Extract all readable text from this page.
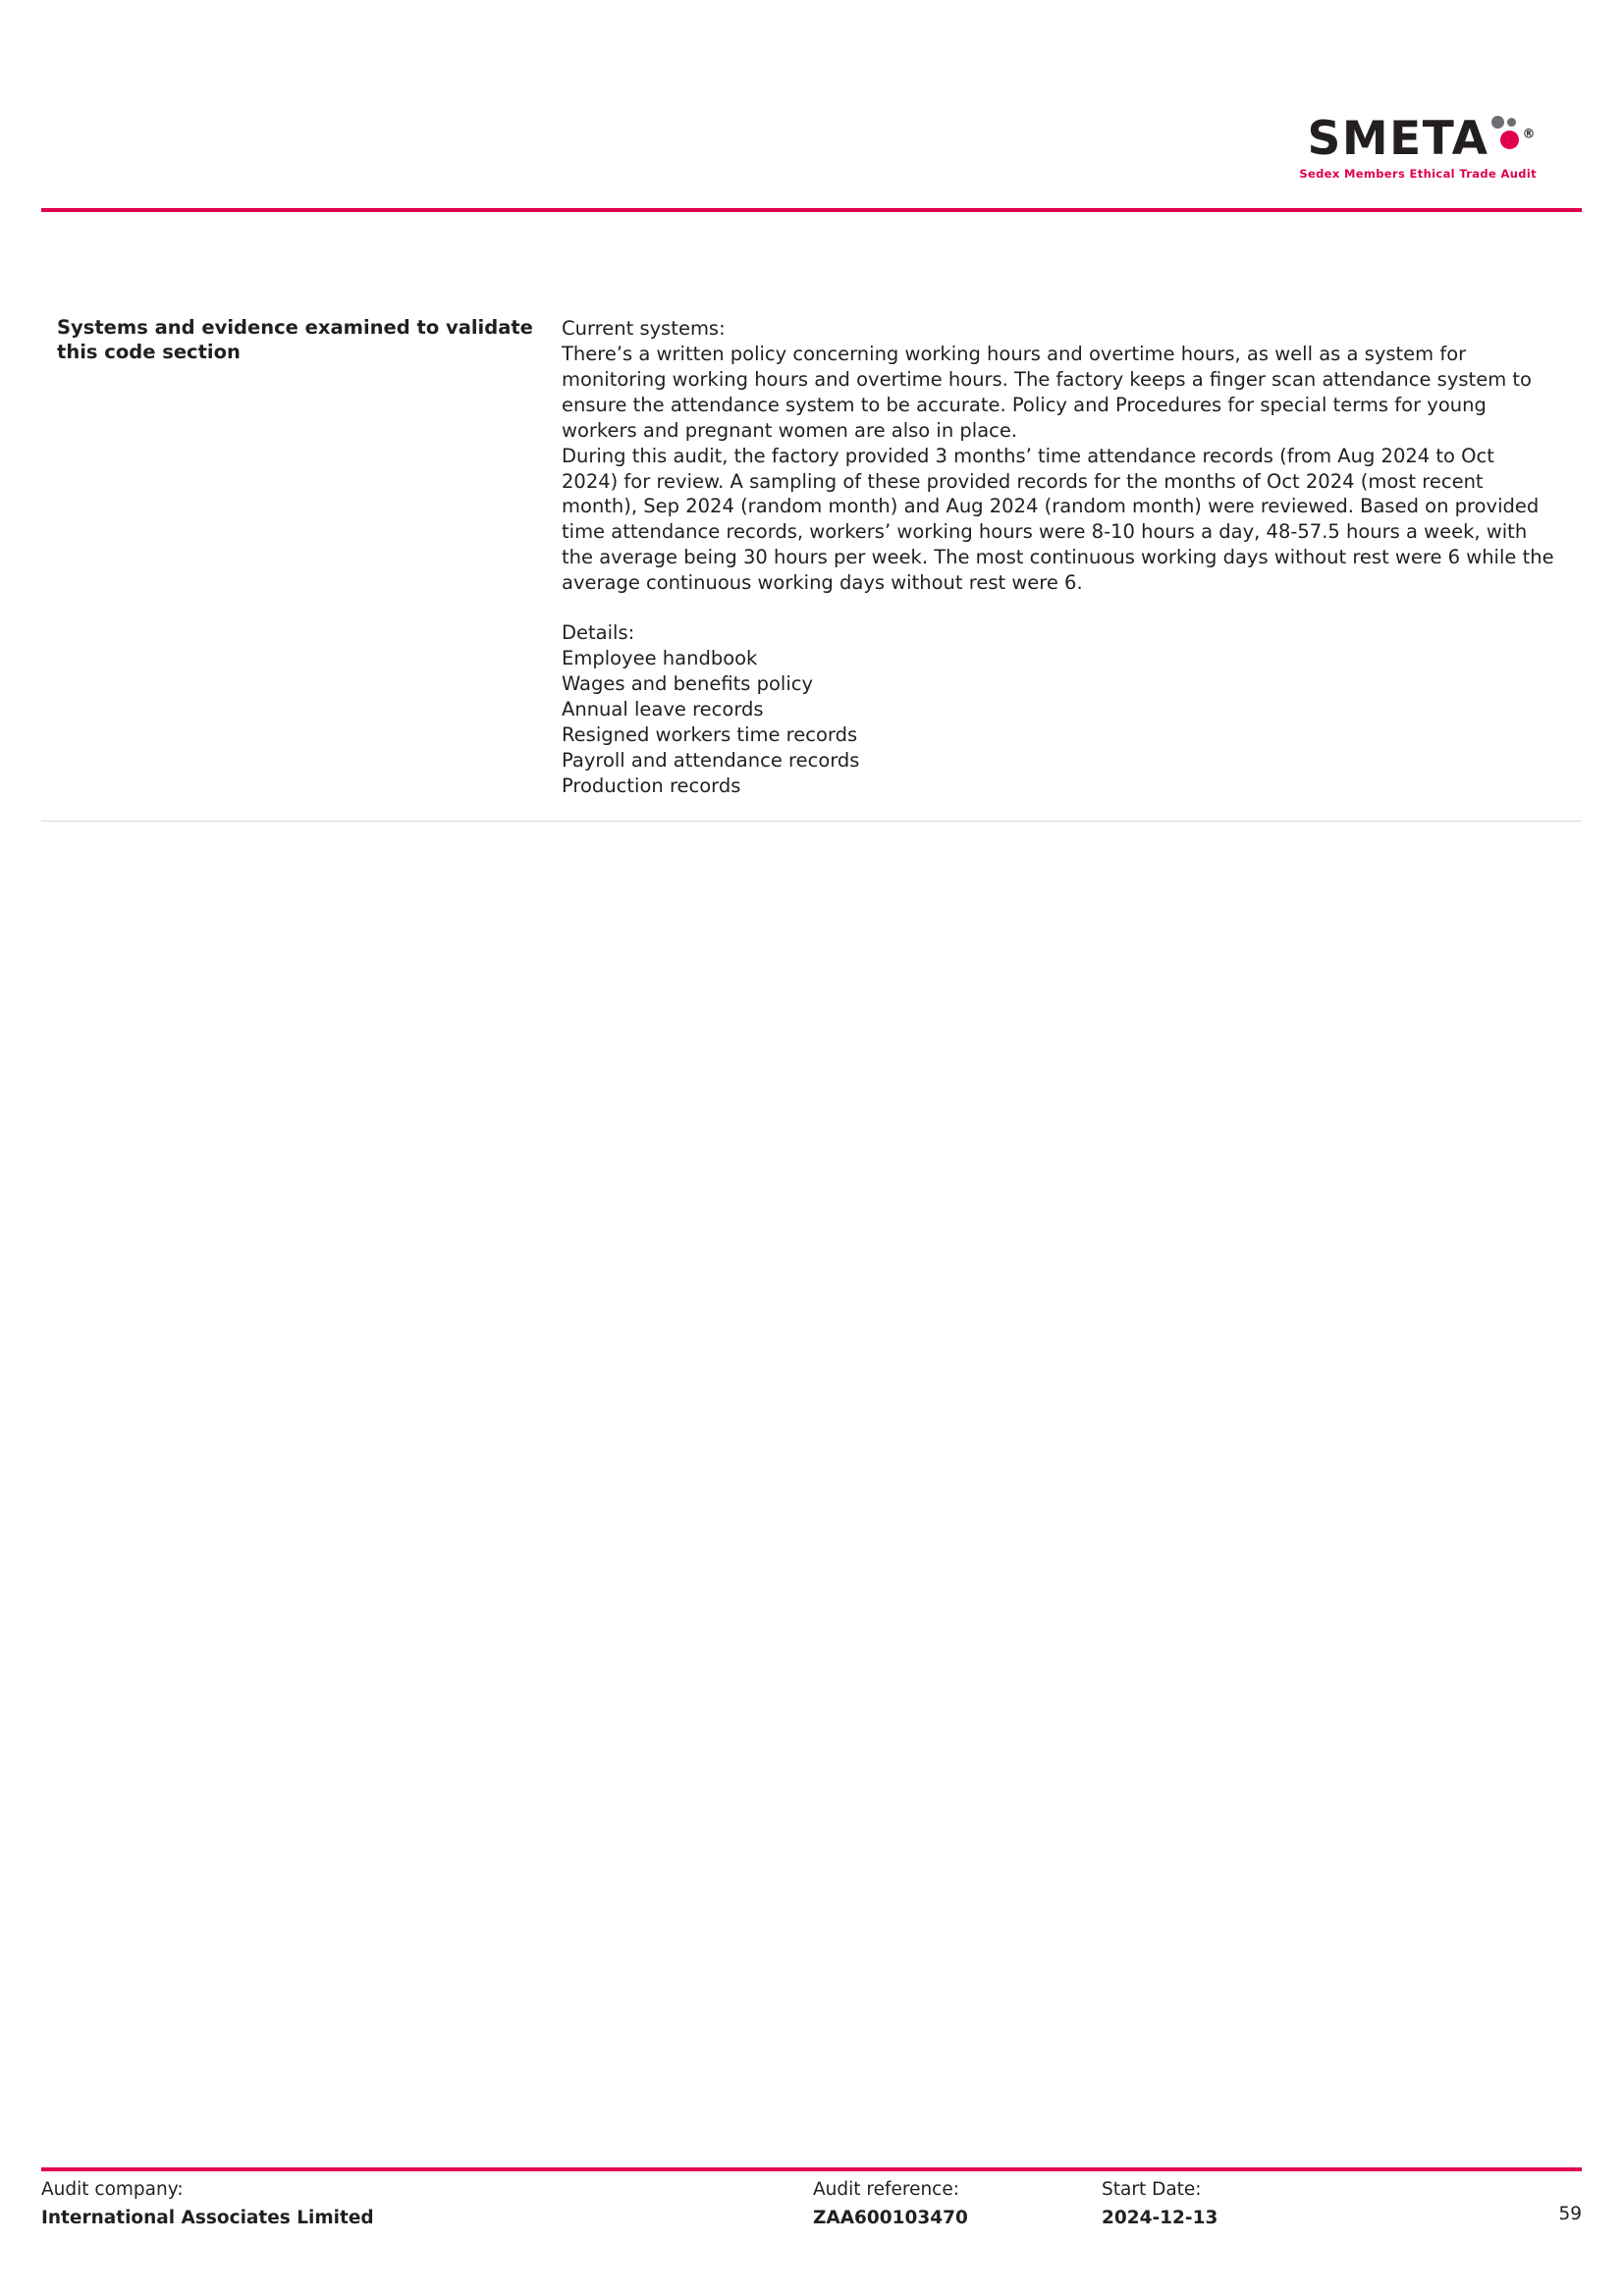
SMETA	®
Sedex Members Ethical Trade Audit
Systems and evidence examined to validate this code section

Current systems:

There’s a written policy concerning working hours and overtime hours, as well as a system for monitoring working hours and overtime hours. The factory keeps a finger scan attendance system to ensure the attendance system to be accurate. Policy and Procedures for special terms for young workers and pregnant women are also in place.

During this audit, the factory provided 3 months’ time attendance records (from Aug 2024 to Oct 2024) for review. A sampling of these provided records for the months of Oct 2024 (most recent month), Sep 2024 (random month) and Aug 2024 (random month) were reviewed. Based on provided time attendance records, workers’ working hours were 8-10 hours a day, 48-57.5 hours a week, with the average being 30 hours per week. The most continuous working days without rest were 6 while the average continuous working days without rest were 6.

Details:

Employee handbook

Wages and benefits policy

Annual leave records

Resigned workers time records

Payroll and attendance records

Production records

Audit company:
International Associates Limited
Audit reference:
ZAA600103470
Start Date:
2024-12-13	59
